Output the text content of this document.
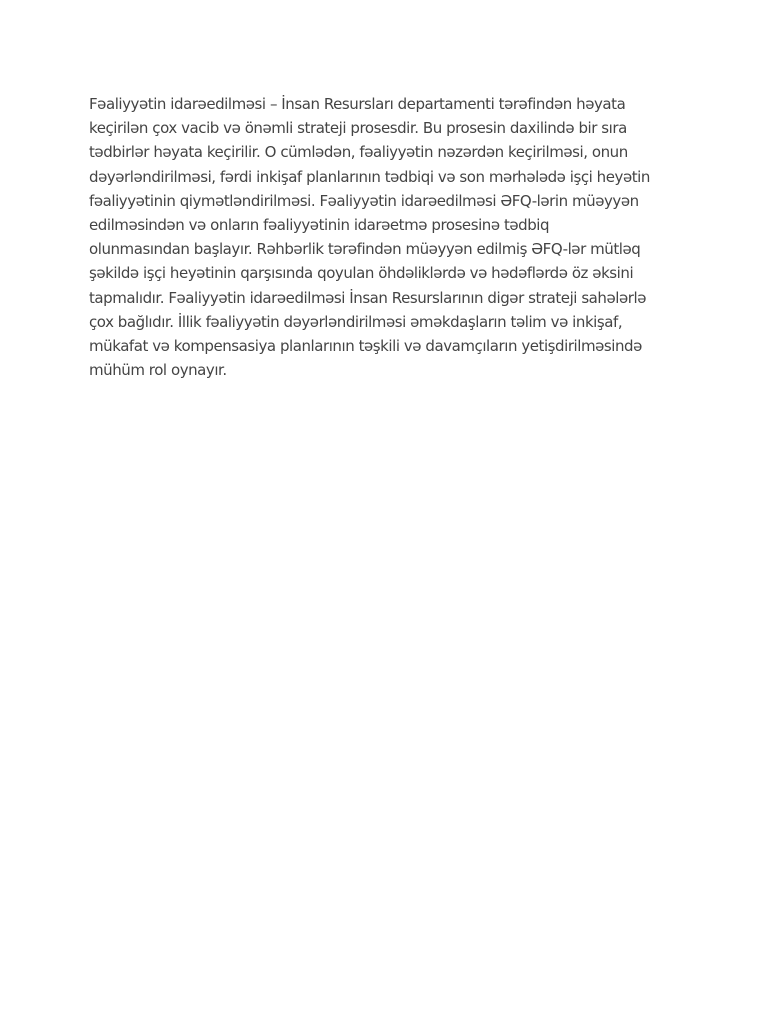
Fəaliyyətin idarəedilməsi – İnsan Resursları departamenti tərəfindən həyata
keçirilən çox vacib və önəmli strateji prosesdir. Bu prosesin daxilində bir sıra
tədbirlər həyata keçirilir. O cümlədən, fəaliyyətin nəzərdən keçirilməsi, onun
dəyərləndirilməsi, fərdi inkişaf planlarının tədbiqi və son mərhələdə işçi heyətin
fəaliyyətinin qiymətləndirilməsi. Fəaliyyətin idarəedilməsi ƏFQ-lərin müəyyən
edilməsindən və onların fəaliyyətinin idarəetmə prosesinə tədbiq
olunmasından başlayır. Rəhbərlik tərəfindən müəyyən edilmiş ƏFQ-lər mütləq
şəkildə işçi heyətinin qarşısında qoyulan öhdəliklərdə və hədəflərdə öz əksini
tapmalıdır. Fəaliyyətin idarəedilməsi İnsan Resurslarının digər strateji sahələrlə
çox bağlıdır. İllik fəaliyyətin dəyərləndirilməsi əməkdaşların təlim və inkişaf,
mükafat və kompensasiya planlarının təşkili və davamçıların yetişdirilməsində
mühüm rol oynayır.
